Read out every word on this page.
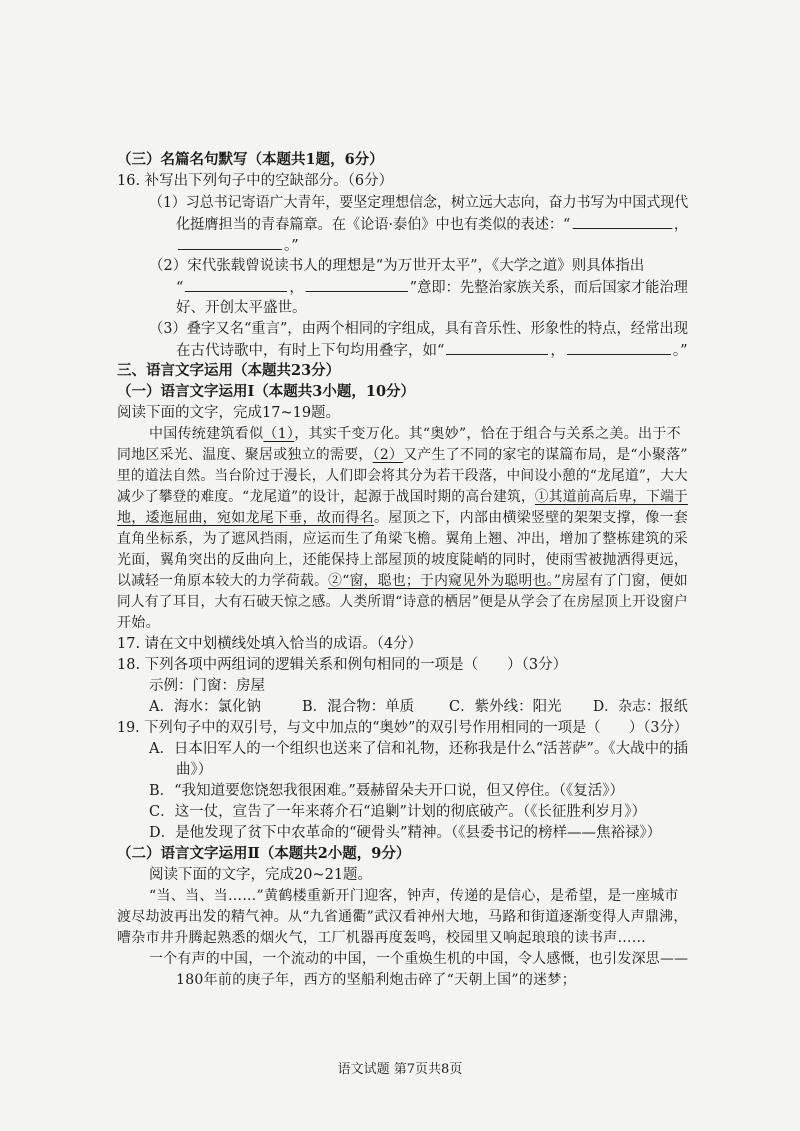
（三）名篇名句默写（本题共1题，6分）
16. 补写出下列句子中的空缺部分。（6分）
（1）习总书记寄语广大青年，要坚定理想信念，树立远大志向，奋力书写为中国式现代
化挺膺担当的青春篇章。在《论语·泰伯》中也有类似的表述：“	，
。”
（2）宋代张载曾说读书人的理想是“为万世开太平”，《大学之道》则具体指出
“	，	”意即：先整治家族关系，而后国家才能治理
好、开创太平盛世。
（3）叠字又名“重言”，由两个相同的字组成，具有音乐性、形象性的特点，经常出现
在古代诗歌中，有时上下句均用叠字，如“	，	。”
三、语言文字运用（本题共23分）
（一）语言文字运用Ⅰ（本题共3小题，10分）
阅读下面的文字，完成17~19题。
中国传统建筑看似（1），其实千变万化。其“奥妙”，恰在于组合与关系之美。出于不
同地区采光、温度、聚居或独立的需要，（2）又产生了不同的家宅的谋篇布局，是“小聚落”
里的道法自然。当台阶过于漫长，人们即会将其分为若干段落，中间设小憩的“龙尾道”，大大
减少了攀登的难度。“龙尾道”的设计，起源于战国时期的高台建筑，①其道前高后卑，下端于
地，逶迤屈曲，宛如龙尾下垂，故而得名。屋顶之下，内部由横梁竖壁的架架支撑，像一套
直角坐标系，为了遮风挡雨，应运而生了角梁飞檐。翼角上翘、冲出，增加了整栋建筑的采
光面，翼角突出的反曲向上，还能保持上部屋顶的坡度陡峭的同时，使雨雪被抛洒得更远，
以减轻一角原本较大的力学荷载。②“窗，聪也；于内窥见外为聪明也。”房屋有了门窗，便如
同人有了耳目，大有石破天惊之感。人类所谓“诗意的栖居”便是从学会了在房屋顶上开设窗户
开始。
17. 请在文中划横线处填入恰当的成语。（4分）
18. 下列各项中两组词的逻辑关系和例句相同的一项是（　　）（3分）
示例：门窗：房屋
A．海水：氯化钠	B．混合物：单质 C．紫外线：阳光 D．杂志：报纸
19. 下列句子中的双引号，与文中加点的“奥妙”的双引号作用相同的一项是（　　）（3分）
A．日本旧军人的一个组织也送来了信和礼物，还称我是什么“活菩萨”。《大战中的插
曲》）
B．“我知道要您饶恕我很困难。”聂赫留朵夫开口说，但又停住。（《复活》）
C．这一仗，宣告了一年来蒋介石“追剿”计划的彻底破产。（《长征胜利岁月》）
D．是他发现了贫下中农革命的“硬骨头”精神。（《县委书记的榜样——焦裕禄》）
（二）语言文字运用Ⅱ（本题共2小题，9分）
阅读下面的文字，完成20~21题。
“当、当、当……”黄鹤楼重新开门迎客，钟声，传递的是信心，是希望，是一座城市
渡尽劫波再出发的精气神。从“九省通衢”武汉看神州大地，马路和街道逐渐变得人声鼎沸，
嘈杂市井升腾起熟悉的烟火气，工厂机器再度轰鸣，校园里又响起琅琅的读书声……
一个有声的中国，一个流动的中国，一个重焕生机的中国，令人感慨，也引发深思——
180年前的庚子年，西方的坚船利炮击碎了“天朝上国”的迷梦；
语文试题 第7页共8页
